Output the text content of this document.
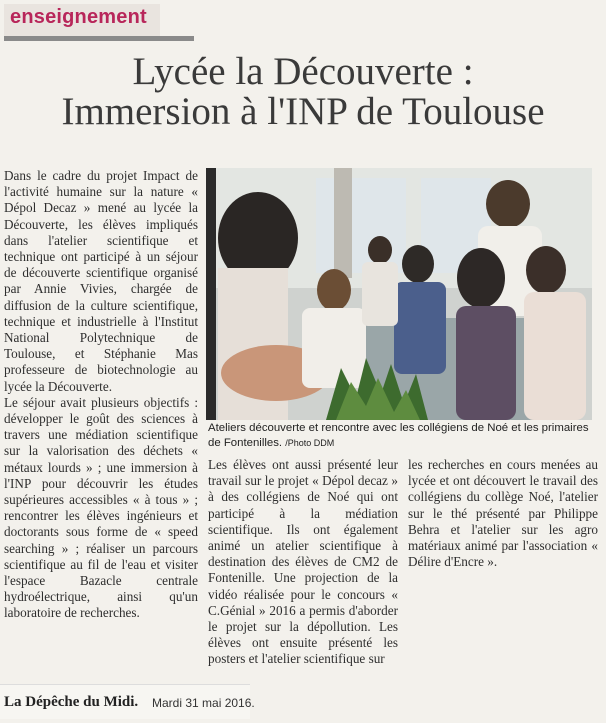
enseignement
Lycée la Découverte :
Immersion à l'INP de Toulouse
Ateliers découverte et rencontre avec les collégiens de Noé et les primaires de Fontenilles. /Photo DDM

Dans le cadre du projet Impact de l'activité humaine sur la nature « Dépol Decaz » mené au lycée la Découverte, les élèves impliqués dans l'atelier scientifique et technique ont participé à un séjour de découverte scientifique organisé par Annie Vivies, chargée de diffusion de la culture scientifique, technique et industrielle à l'Institut National Polytechnique de Toulouse, et Stéphanie Mas professeure de biotechnologie au lycée la Découverte.

Le séjour avait plusieurs objectifs : développer le goût des sciences à travers une médiation scientifique sur la valorisation des déchets « métaux lourds » ; une immersion à l'INP pour découvrir les études supérieures accessibles « à tous » ; rencontrer les élèves ingénieurs et doctorants sous forme de « speed searching » ; réaliser un parcours scientifique au fil de l'eau et visiter l'espace Bazacle centrale hydroélectrique, ainsi qu'un laboratoire de recherches.

Les élèves ont aussi présenté leur travail sur le projet « Dépol decaz » à des collégiens de Noé qui ont participé à la médiation scientifique. Ils ont également animé un atelier scientifique à destination des élèves de CM2 de Fontenille. Une projection de la vidéo réalisée pour le concours « C.Génial » 2016 a permis d'aborder le projet sur la dépollution. Les élèves ont ensuite présenté les posters et l'atelier scientifique sur

les recherches en cours menées au lycée et ont découvert le travail des collégiens du collège Noé, l'atelier sur le thé présenté par Philippe Behra et l'atelier sur les agro matériaux animé par l'association « Délire d'Encre ».

La Dépêche du Midi. Mardi 31 mai 2016.
